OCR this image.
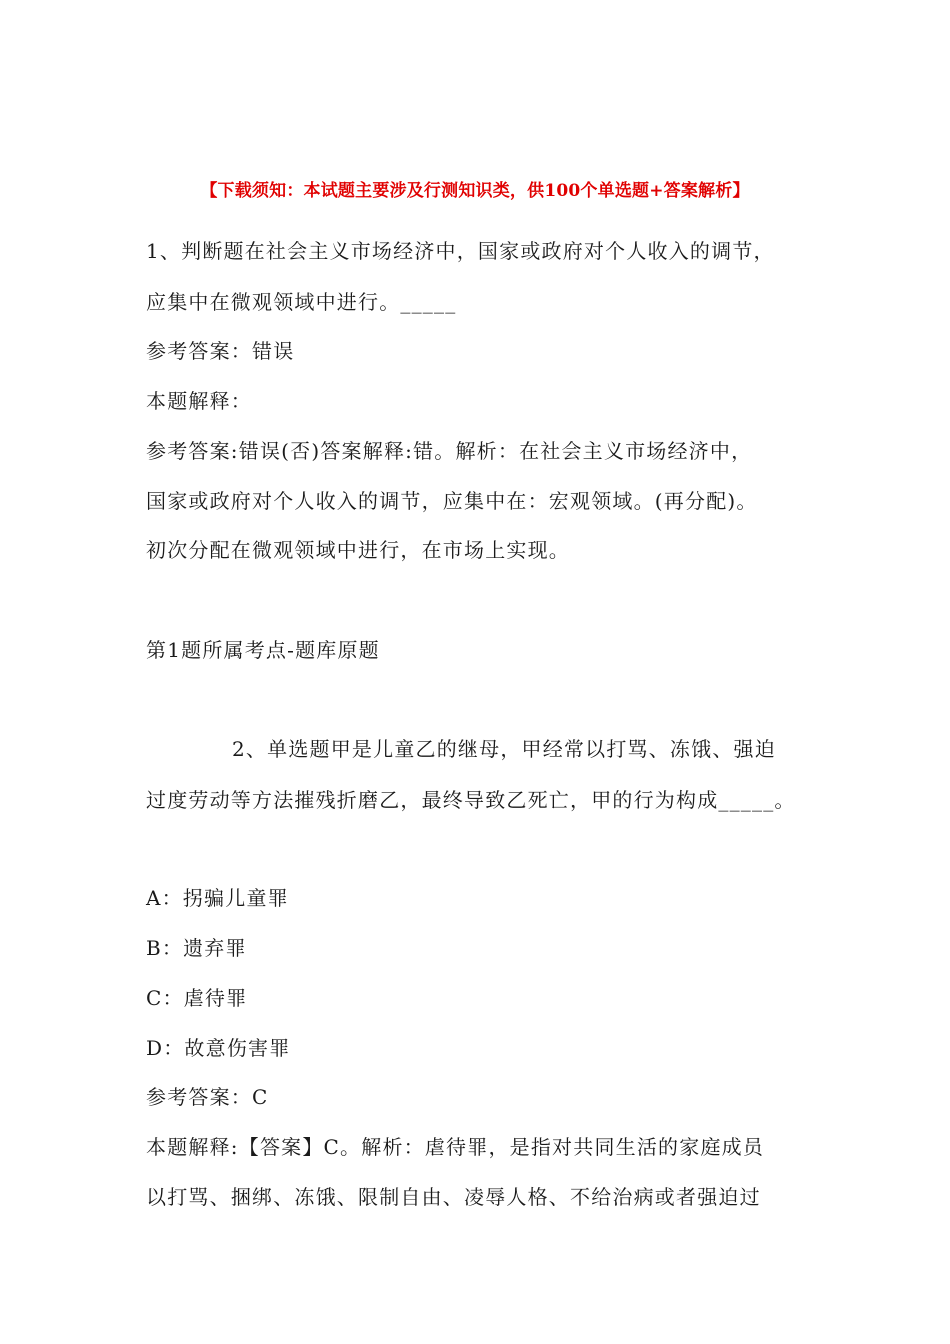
【下载须知：本试题主要涉及行测知识类，供100个单选题+答案解析】
1、判断题在社会主义市场经济中，国家或政府对个人收入的调节，
应集中在微观领域中进行。_____
参考答案：错误
本题解释：
参考答案:错误(否)答案解释:错。解析：在社会主义市场经济中，
国家或政府对个人收入的调节，应集中在：宏观领域。(再分配)。
初次分配在微观领域中进行，在市场上实现。
第1题所属考点-题库原题
2、单选题甲是儿童乙的继母，甲经常以打骂、冻饿、强迫
过度劳动等方法摧残折磨乙，最终导致乙死亡，甲的行为构成_____。
A：拐骗儿童罪
B：遗弃罪
C：虐待罪
D：故意伤害罪
参考答案：C
本题解释:【答案】C。解析：虐待罪，是指对共同生活的家庭成员
以打骂、捆绑、冻饿、限制自由、凌辱人格、不给治病或者强迫过
